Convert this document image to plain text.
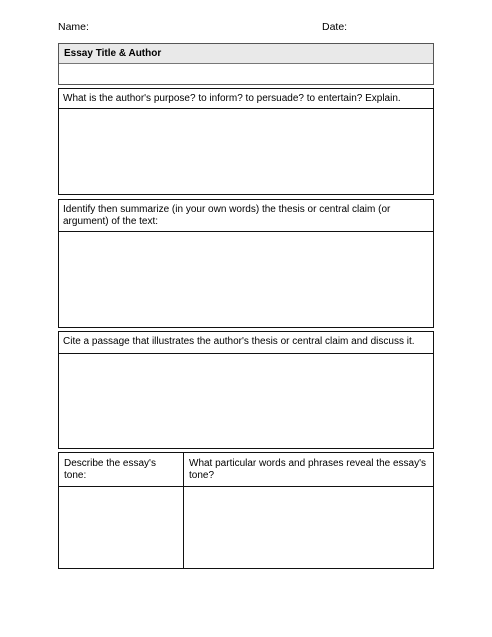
Name:	Date:
Essay Title & Author
What is the author's purpose? to inform? to persuade? to entertain? Explain.
Identify then summarize (in your own words) the thesis or central claim (or argument) of the text:
Cite a passage that illustrates the author's thesis or central claim and discuss it.
Describe the essay's tone:
What particular words and phrases reveal the essay's tone?
